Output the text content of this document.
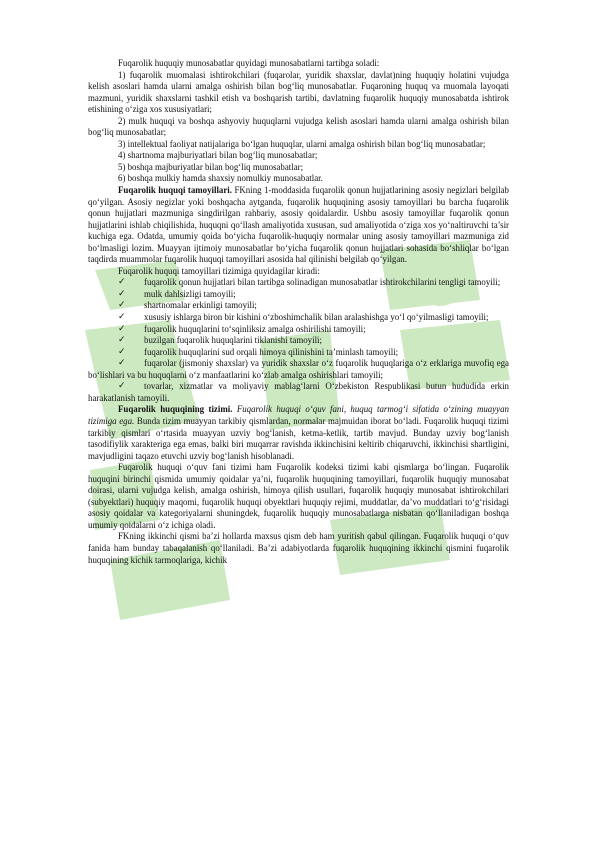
Fuqarolik huquqiy munosabatlar quyidagi munosabatlarni tartibga soladi:

1) fuqarolik muomalasi ishtirokchilari (fuqarolar, yuridik shaxslar, davlat)ning huquqiy holatini vujudga kelish asoslari hamda ularni amalga oshirish bilan bog‘liq munosabatlar. Fuqaroning huquq va muomala layoqati mazmuni, yuridik shaxslarni tashkil etish va boshqarish tartibi, davlatning fuqarolik huquqiy munosabatda ishtirok etishining o‘ziga xos xususiyatlari;

2) mulk huquqi va boshqa ashyoviy huquqlarni vujudga kelish asoslari hamda ularni amalga oshirish bilan bog‘liq munosabatlar;

3) intellektual faoliyat natijalariga bo‘lgan huquqlar, ularni amalga oshirish bilan bog‘liq munosabatlar;

4) shartnoma majburiyatlari bilan bog‘liq munosabatlar;

5) boshqa majburiyatlar bilan bog‘liq munosabatlar;

6) boshqa mulkiy hamda shaxsiy nomulkiy munosabatlar.

Fuqarolik huquqi tamoyillari. FKning 1-moddasida fuqarolik qonun hujjatlarining asosiy negizlari belgilab qo‘yilgan. Asosiy negizlar yoki boshqacha aytganda, fuqarolik huquqining asosiy tamoyillari bu barcha fuqarolik qonun hujjatlari mazmuniga singdirilgan rahbariy, asosiy qoidalardir. Ushbu asosiy tamoyillar fuqarolik qonun hujjatlarini ishlab chiqilishida, huquqni qo‘llash amaliyotida xususan, sud amaliyotida o‘ziga xos yo‘naltiruvchi ta’sir kuchiga ega. Odatda, umumiy qoida bo‘yicha fuqarolik-huquqiy normalar uning asosiy tamoyillari mazmuniga zid bo‘lmasligi lozim. Muayyan ijtimoiy munosabatlar bo‘yicha fuqarolik qonun hujjatlari sohasida bo‘shliqlar bo‘lgan taqdirda muammolar fuqarolik huquqi tamoyillari asosida hal qilinishi belgilab qo‘yilgan.

Fuqarolik huquqi tamoyillari tizimiga quyidagilar kiradi:

✓ fuqarolik qonun hujjatlari bilan tartibga solinadigan munosabatlar ishtirokchilarini tengligi tamoyili;
✓ mulk dahlsizligi tamoyili;
✓ shartnomalar erkinligi tamoyili;
✓ xususiy ishlarga biron bir kishini o‘zboshimchalik bilan aralashishga yo‘l qo‘yilmasligi tamoyili;
✓ fuqarolik huquqlarini to‘sqinliksiz amalga oshirilishi tamoyili;
✓ buzilgan fuqarolik huquqlarini tiklanishi tamoyili;
✓ fuqarolik huquqlarini sud orqali himoya qilinishini ta’minlash tamoyili;
✓ fuqarolar (jismoniy shaxslar) va yuridik shaxslar o‘z fuqarolik huquqlariga o‘z erklariga muvofiq ega bo‘lishlari va bu huquqlarni o‘z manfaatlarini ko‘zlab amalga oshirishlari tamoyili;
✓ tovarlar, xizmatlar va moliyaviy mablag‘larni O‘zbekiston Respublikasi butun hududida erkin harakatlanish tamoyili.

Fuqarolik huquqining tizimi. Fuqarolik huquqi o‘quv fani, huquq tarmog‘i sifatida o‘zining muayyan tizimiga ega. Bunda tizim muayyan tarkibiy qismlardan, normalar majmuidan iborat bo‘ladi. Fuqarolik huquqi tizimi tarkibiy qismlari o‘rtasida muayyan uzviy bog‘lanish, ketma-ketlik, tartib mavjud. Bunday uzviy bog‘lanish tasodifiylik xarakteriga ega emas, balki biri muqarrar ravishda ikkinchisini keltirib chiqaruvchi, ikkinchisi shartligini, mavjudligini taqazo etuvchi uzviy bog‘lanish hisoblanadi.

Fuqarolik huquqi o‘quv fani tizimi ham Fuqarolik kodeksi tizimi kabi qismlarga bo‘lingan. Fuqarolik huquqini birinchi qismida umumiy qoidalar ya’ni, fuqarolik huquqining tamoyillari, fuqarolik huquqiy munosabat doirasi, ularni vujudga kelish, amalga oshirish, himoya qilish usullari, fuqarolik huquqiy munosabat ishtirokchilari (subyektlari) huquqiy maqomi, fuqarolik huquqi obyektlari huquqiy rejimi, muddatlar, da’vo muddatlari to‘g‘risidagi asosiy qoidalar va kategoriyalarni shuningdek, fuqarolik huquqiy munosabatlarga nisbatan qo‘llaniladigan boshqa umumiy qoidalarni o‘z ichiga oladi.

FKning ikkinchi qismi ba’zi hollarda maxsus qism deb ham yuritish qabul qilingan. Fuqarolik huquqi o‘quv fanida ham bunday tabaqalanish qo‘llaniladi. Ba’zi adabiyotlarda fuqarolik huquqining ikkinchi qismini fuqarolik huquqining kichik tarmoqlariga, kichik
